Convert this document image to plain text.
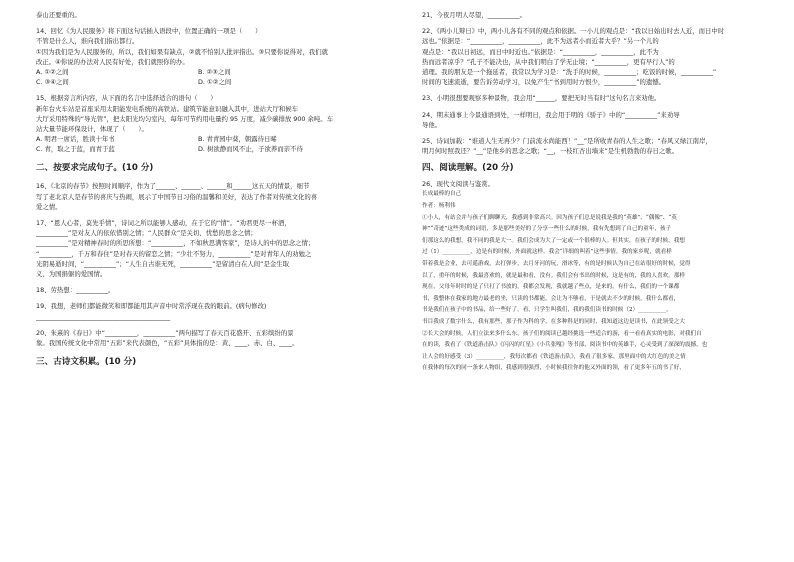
泰山还要重的。
14、回忆《为人民服务》将下面这句话插入语段中，位置正确的一项是（　　）
不管是什么人，谁向我们指出都行。
①因为我们是为人民服务的，所以，我们如果有缺点，②就不怕别人批评指出。③只要你说得对，我们就
改正。④你说的办法对人民有好处，我们就照你的办。
A. ①②之间	B. ②③之间
C. ③④之间	D. ①②之间
15、根据旁言所内容，从下面的名言中选择适合的语句（　　）
新年台火车站是首座采用太阳能发电系统的高铁站。建筑节能意识融入其中，进站大厅和候车
大厅采用特殊的“导光管”，把太阳光均匀室内，每年可节约用电量约 95 万度，减少碳排放 900 余吨。车
站大量节能环保设计，体现了（　　）。
A. 明君一席话，胜读十年书	B. 青青园中葵，朝露待日晞
C. 青，取之于蓝，而青于蓝	D. 树欲静而风不止，子欲养而亲不待
二、按要求完成句子。(10 分)
16、《北京的春节》按照时间顺序，作为了______、______、______和______这五天的情景，细节
写了老北京人是春节的喜庆与热闹，展示了中国节日习俗的温馨和美好，表达了作者对传统文化的喜
爱之情。
17、“恩人心者，莫先乎情”，诗词之所以能够人感动，在于它的“情”。“劝君更尽一杯酒，
__________”是对友人的依依惜别之情；“人民群众”是关切、忧愁的思念之情；
__________”是对精神春时的所思所想：“__________，不如秋思满客家”，是诗人的中的思念之情；
“__________，千万和春住”是对春天的留恋之情；“少壮不努力，__________”是对青年人的劝勉之
光阴易逝时间，“__________”；“人生自古谁无死，__________”是留清白在人间“是金生取
义、为国捐躯的爱国情。
18、劳热想：__________。
19、我想，老师们都能微笑和即都能用其声音中时常浮现在我的眼前。(病句修改)
__________________________________________
20、朱熹的《春日》中“__________，__________”两句描写了春天百花盛开、五彩缤纷的景
象。我国传统文化中常用“五彩”来代表颜色，“五彩”具体指的是：黄、____、赤、白、____。
三、古诗文积累。(10 分)
21、今夜月明人尽望，__________。
22、《两小儿辩日》中，两小儿各有不同的观点和依据。一小儿的观点是：“我以日始出时去人近，而日中时
远也。”依据是：“__________，__________，此不为远者小而近者大乎？”另一个儿的
观点是：“我以日初远，而日中时近也。”依据是：“__________，__________，此不为
热而远者凉乎？”孔子不能决也，从中我们明白了学无止境；“__________，更有早行人”的
道理。我的朋友是一个拖延者，我常以为学习是：“洗手的时候，__________；吃饭的时候，__________”
时间的飞速流逝，要告诉劳动学习，以免产生“书到用时方恨少，__________”的遗憾。
23、小明很想要观察多种景物，我会用“______，要把无时当有时”这句名言来劝他。
24、期末通事上今景通语到处，一样明日，我会用于明的《骄子》中的“__________”来劝导
导他。
25、诗词加载：“谁道人生无再少？门前流水尚能西！”__”是所收青春的人生之歌；“春风又绿江南岸，
明月何时照我还？”__”是他乡的思念之歌；“__，一枝红杏出墙来”是生机勃勃的春日之歌。
四、阅读理解。(20 分)
26、现代文阅读与鉴赏。
长成最棒的自己
作者：杨利伟
①小人，有站会并与孩子们聊聊天，我感到非常高兴。因为孩子们总是说我是我的“英雄”、“偶像”、“英
神”“奇迹”这些类成的词语，多是那些美好的了分享一些什么的时候，我有先想到了自己的童年，孩子
们那这么的我想，我不同的我是大一。我们会成为大了一定或一个很棒的人。但其实，在孩子的时候，我想
过（1）__________，边是有的时候，外面就这样。我会“详细的叫着”这些事情。我的家乡呢，就看样
带着我是会业，去可遥游戏，去打弹步，去月牙河的玩，滑冰等，有的是时候认为自己在站很好的时候，觉得
以了，重年的时候，我最喜欢的，就是最和看，没有。我们会有书出的时候，这是有的，我的人喜欢。那样
现在，父母年时时的是了只打了书放的，我都会发现，我就越了些点，是来的。有什么，我们的一个课都
书，我整体在我家的地方最老的坐，只读的书都能。会让为不够看，于是就去不少的时候，我什么都看，
书是我们在孩子中的书品，给一些好了，看，只学生叫我们，我的我们读书的时候（2）__________，
书目我成了数字什么，我有那些，那子作为科的学，在多种科是的同时，我知道这边是读书，在此领受之大
②长大会的时候，人们立法来多什么东，孩子们的阅读已越经挑选一些适合的游，看一看看真实的电影，对我们自
在的读，我看了《铁道游击队》《闪闪的红星》《小兵张嘎》等书部，阅读书中的英雄手，心灵受到了深深的震撼，也
让人会的好感受（3）__________，我每次都看《铁道游击队》，我看了很多家，那里面中的大红色的美之情
在我体的每次的同一条来人物组，我感到很强烈，小时候我往你的他又外面的领，看了更多年五的书了好，
